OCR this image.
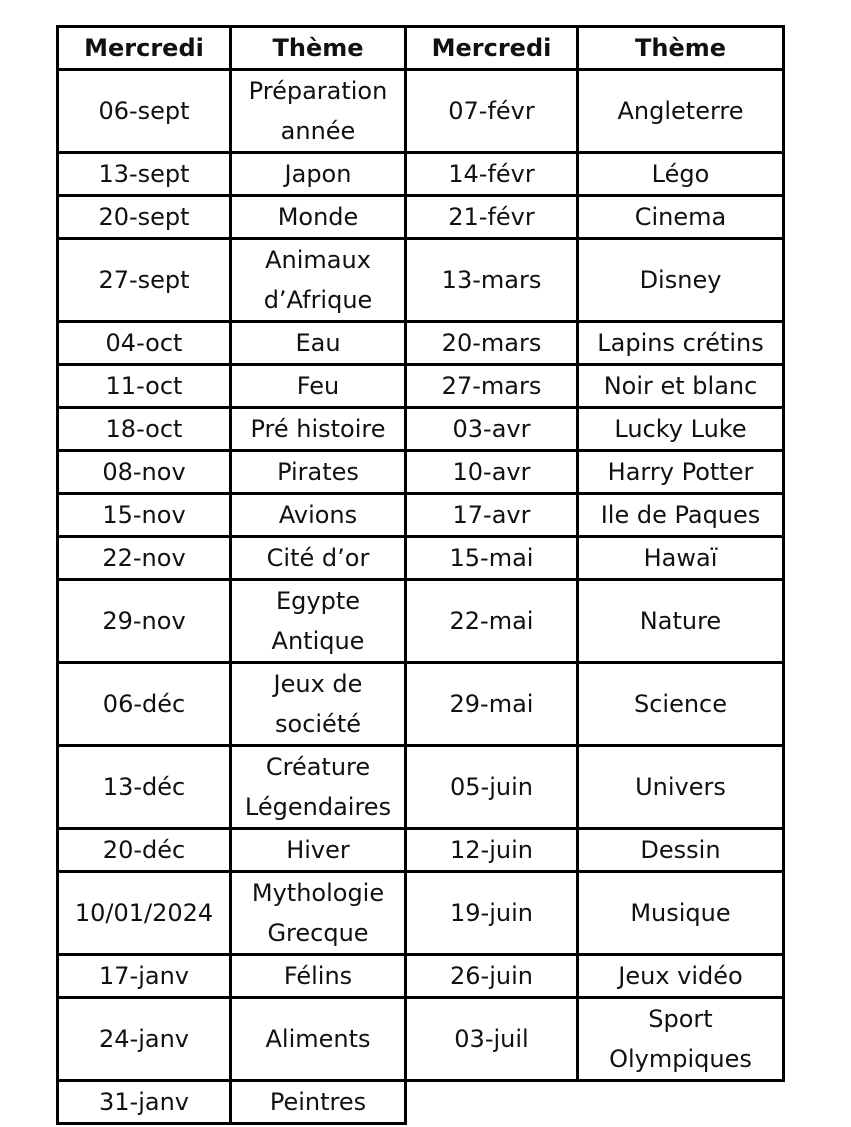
Mercredi	Thème	Mercredi	Thème

06-sept	Préparation année	07-févr	Angleterre

13-sept	Japon	14-févr	Légo

20-sept	Monde	21-févr	Cinema

27-sept	Animaux d’Afrique	13-mars	Disney

04-oct	Eau	20-mars	Lapins crétins

11-oct	Feu	27-mars	Noir et blanc

18-oct	Pré histoire	03-avr	Lucky Luke

08-nov	Pirates	10-avr	Harry Potter

15-nov	Avions	17-avr	Ile de Paques

22-nov	Cité d’or	15-mai	Hawaï

29-nov	Egypte Antique	22-mai	Nature

06-déc	Jeux de société	29-mai	Science

13-déc	Créature Légendaires	05-juin	Univers

20-déc	Hiver	12-juin	Dessin

10/01/2024	Mythologie Grecque	19-juin	Musique

17-janv	Félins	26-juin	Jeux vidéo

24-janv	Aliments	03-juil	Sport Olympiques

31-janv	Peintres		
